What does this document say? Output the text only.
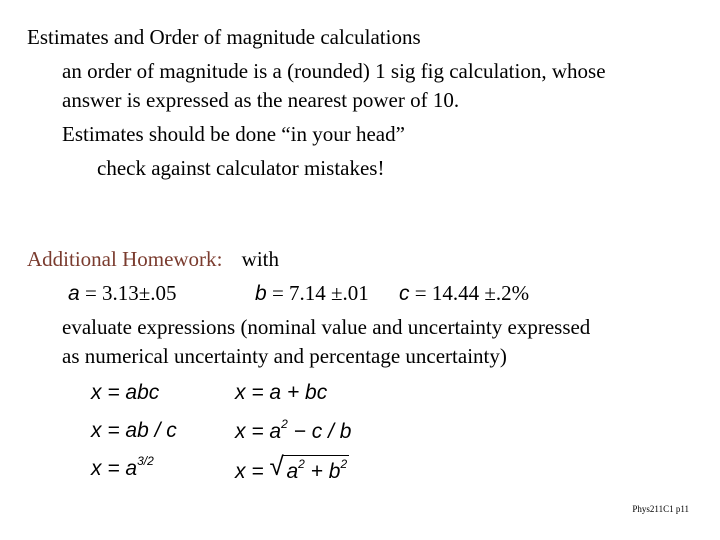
Estimates and Order of magnitude calculations
an order of magnitude is a (rounded) 1 sig fig calculation, whose
answer is expressed as the nearest power of 10.
Estimates should be done “in your head”
check against calculator mistakes!
Additional Homework: with
a = 3.13±.05	b = 7.14 ±.01 c = 14.44 ±.2%
evaluate expressions (nominal value and uncertainty expressed
as numerical uncertainty and percentage uncertainty)
x = abc
x = ab / c
$x = a^{3/2}$
x = a + bc
$x = a^2 - c / b$
x = √ $a^2 + b^2$
Phys211C1 p11
